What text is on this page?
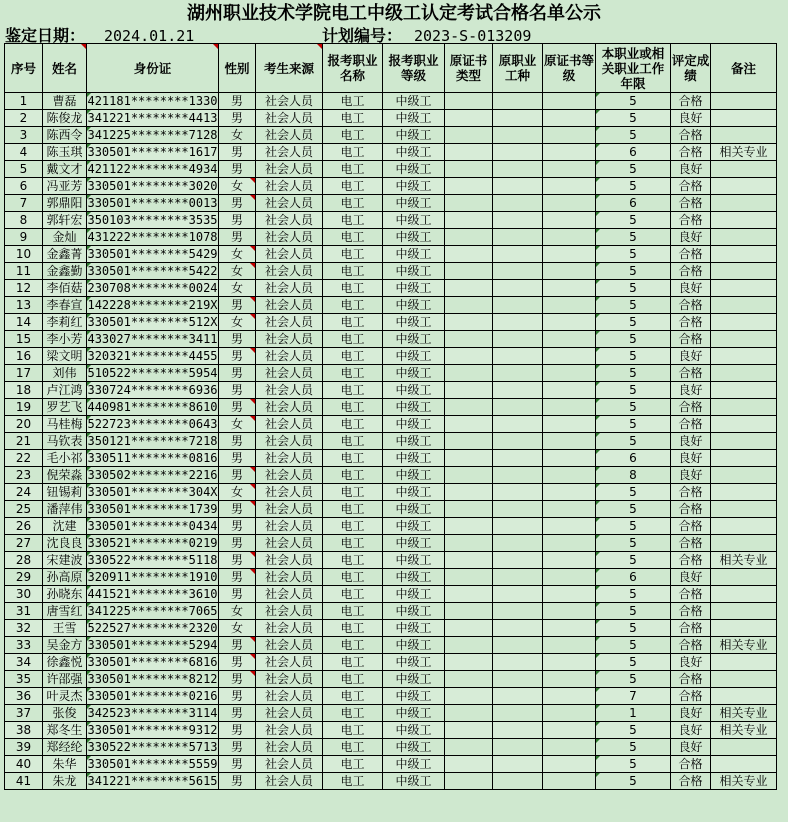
湖州职业技术学院电工中级工认定考试合格名单公示
鉴定日期： 2024.01.21	计划编号： 2023-S-013209
序号	姓名	身份证	性别	考生来源	报考职业名称	报考职业等级	原证书类型	原职业工种	原证书等级	本职业或相关职业工作年限	评定成绩	备注
1	曹磊	421181********1330	男	社会人员	电工	中级工				5	合格	
2	陈俊龙	341221********4413	男	社会人员	电工	中级工				5	良好	
3	陈西令	341225********7128	女	社会人员	电工	中级工				5	合格	
4	陈玉琪	330501********1617	男	社会人员	电工	中级工				6	合格	相关专业
5	戴文才	421122********4934	男	社会人员	电工	中级工				5	良好	
6	冯亚芳	330501********3020	女	社会人员	电工	中级工				5	合格	
7	郭鼎阳	330501********0013	男	社会人员	电工	中级工				6	合格	
8	郭轩宏	350103********3535	男	社会人员	电工	中级工				5	合格	
9	金灿	431222********1078	男	社会人员	电工	中级工				5	良好	
10	金鑫菁	330501********5429	女	社会人员	电工	中级工				5	合格	
11	金鑫勤	330501********5422	女	社会人员	电工	中级工				5	合格	
12	李佰菇	230708********0024	女	社会人员	电工	中级工				5	良好	
13	李春宣	142228********219X	男	社会人员	电工	中级工				5	合格	
14	李莉红	330501********512X	女	社会人员	电工	中级工				5	合格	
15	李小芳	433027********3411	男	社会人员	电工	中级工				5	合格	
16	梁文明	320321********4455	男	社会人员	电工	中级工				5	良好	
17	刘伟	510522********5954	男	社会人员	电工	中级工				5	合格	
18	卢江鸿	330724********6936	男	社会人员	电工	中级工				5	良好	
19	罗艺飞	440981********8610	男	社会人员	电工	中级工				5	合格	
20	马桂梅	522723********0643	女	社会人员	电工	中级工				5	合格	
21	马钦表	350121********7218	男	社会人员	电工	中级工				5	良好	
22	毛小祁	330511********0816	男	社会人员	电工	中级工				6	良好	
23	倪荣淼	330502********2216	男	社会人员	电工	中级工				8	良好	
24	钮锡莉	330501********304X	女	社会人员	电工	中级工				5	合格	
25	潘萍伟	330501********1739	男	社会人员	电工	中级工				5	合格	
26	沈建	330501********0434	男	社会人员	电工	中级工				5	合格	
27	沈良良	330521********0219	男	社会人员	电工	中级工				5	合格	
28	宋建波	330522********5118	男	社会人员	电工	中级工				5	合格	相关专业
29	孙高原	320911********1910	男	社会人员	电工	中级工				6	良好	
30	孙晓东	441521********3610	男	社会人员	电工	中级工				5	合格	
31	唐雪红	341225********7065	女	社会人员	电工	中级工				5	合格	
32	王雪	522527********2320	女	社会人员	电工	中级工				5	合格	
33	吴金方	330501********5294	男	社会人员	电工	中级工				5	合格	相关专业
34	徐鑫悦	330501********6816	男	社会人员	电工	中级工				5	良好	
35	许邵强	330501********8212	男	社会人员	电工	中级工				5	合格	
36	叶灵杰	330501********0216	男	社会人员	电工	中级工				7	合格	
37	张俊	342523********3114	男	社会人员	电工	中级工				1	良好	相关专业
38	郑冬生	330501********9312	男	社会人员	电工	中级工				5	良好	相关专业
39	郑经纶	330522********5713	男	社会人员	电工	中级工				5	良好	
40	朱华	330501********5559	男	社会人员	电工	中级工				5	合格	
41	朱龙	341221********5615	男	社会人员	电工	中级工				5	合格	相关专业
